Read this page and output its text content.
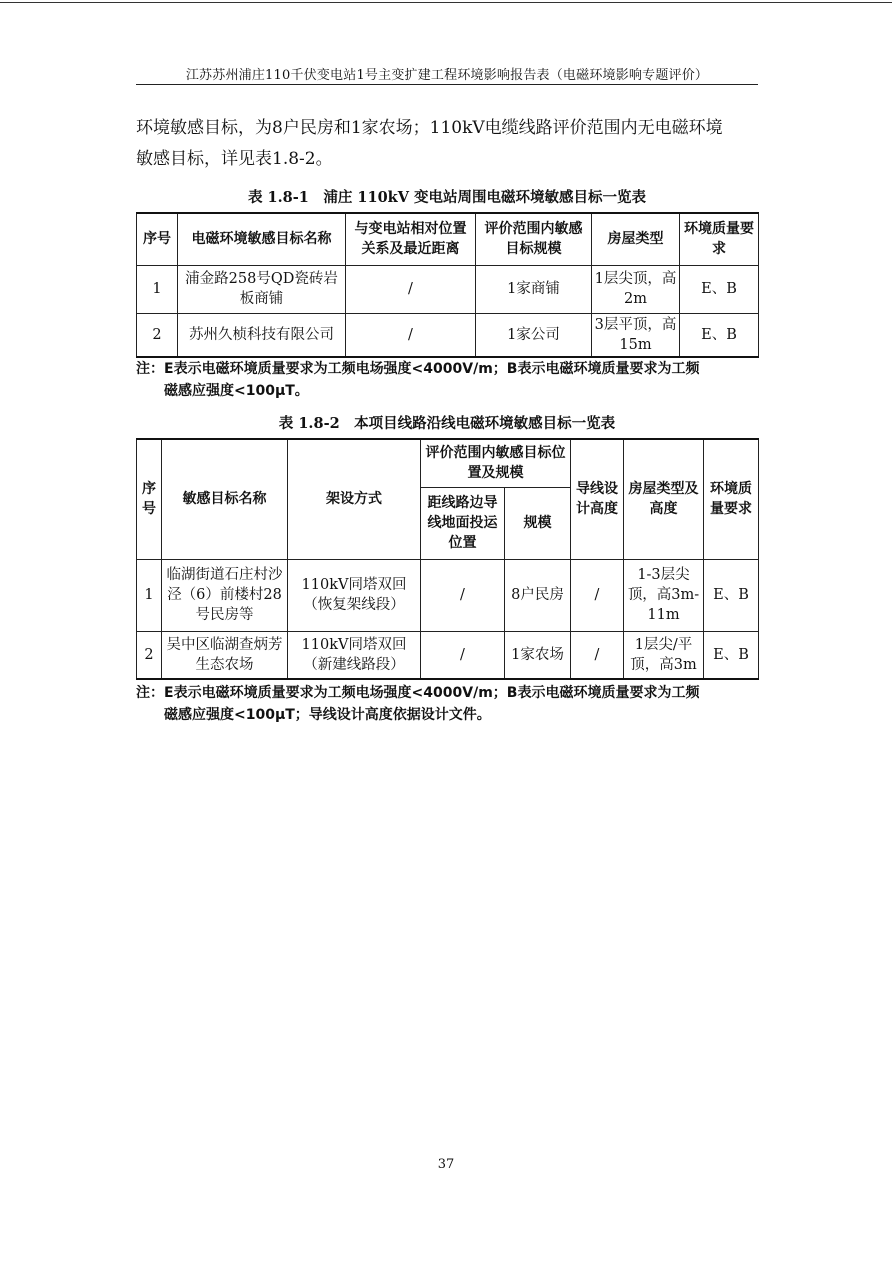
江苏苏州浦庄110千伏变电站1号主变扩建工程环境影响报告表（电磁环境影响专题评价）
环境敏感目标，为8户民房和1家农场；110kV电缆线路评价范围内无电磁环境
敏感目标，详见表1.8-2。
表 1.8-1　浦庄 110kV 变电站周围电磁环境敏感目标一览表
序号	电磁环境敏感目标名称	与变电站相对位置关系及最近距离	评价范围内敏感目标规模	房屋类型	环境质量要求
1	浦金路258号QD瓷砖岩板商铺	/	1家商铺	1层尖顶，高2m	E、B
2	苏州久桢科技有限公司	/	1家公司	3层平顶，高15m	E、B
注：E表示电磁环境质量要求为工频电场强度<4000V/m；B表示电磁环境质量要求为工频
磁感应强度<100μT。
表 1.8-2　本项目线路沿线电磁环境敏感目标一览表
序号	敏感目标名称	架设方式	评价范围内敏感目标位置及规模		导线设计高度	房屋类型及高度	环境质量要求
			距线路边导线地面投运位置	规模			
1	临湖街道石庄村沙泾（6）前楼村28号民房等	110kV同塔双回（恢复架线段）	/	8户民房	/	1-3层尖顶，高3m-11m	E、B
2	吴中区临湖查炳芳生态农场	110kV同塔双回（新建线路段）	/	1家农场	/	1层尖/平顶，高3m	E、B
注：E表示电磁环境质量要求为工频电场强度<4000V/m；B表示电磁环境质量要求为工频
磁感应强度<100μT；导线设计高度依据设计文件。
37
